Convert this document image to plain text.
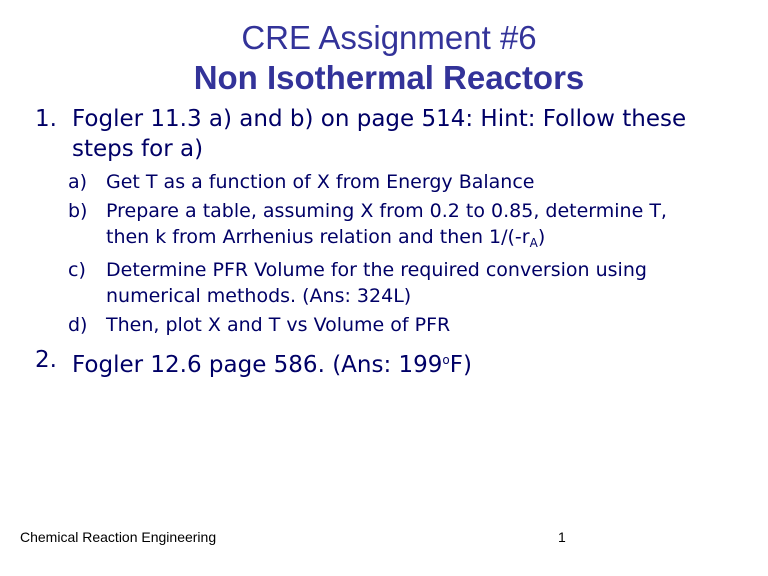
CRE Assignment #6
Non Isothermal Reactors
1. Fogler 11.3 a) and b) on page 514: Hint: Follow these
steps for a)
a) Get T as a function of X from Energy Balance
b) Prepare a table, assuming X from 0.2 to 0.85, determine T,
then k from Arrhenius relation and then $1/(-r_A)$
c) Determine PFR Volume for the required conversion using
numerical methods. (Ans: 324L)
d) Then, plot X and T vs Volume of PFR
2. Fogler 12.6 page 586. (Ans: 199$^o$F)
Chemical Reaction Engineering	1
